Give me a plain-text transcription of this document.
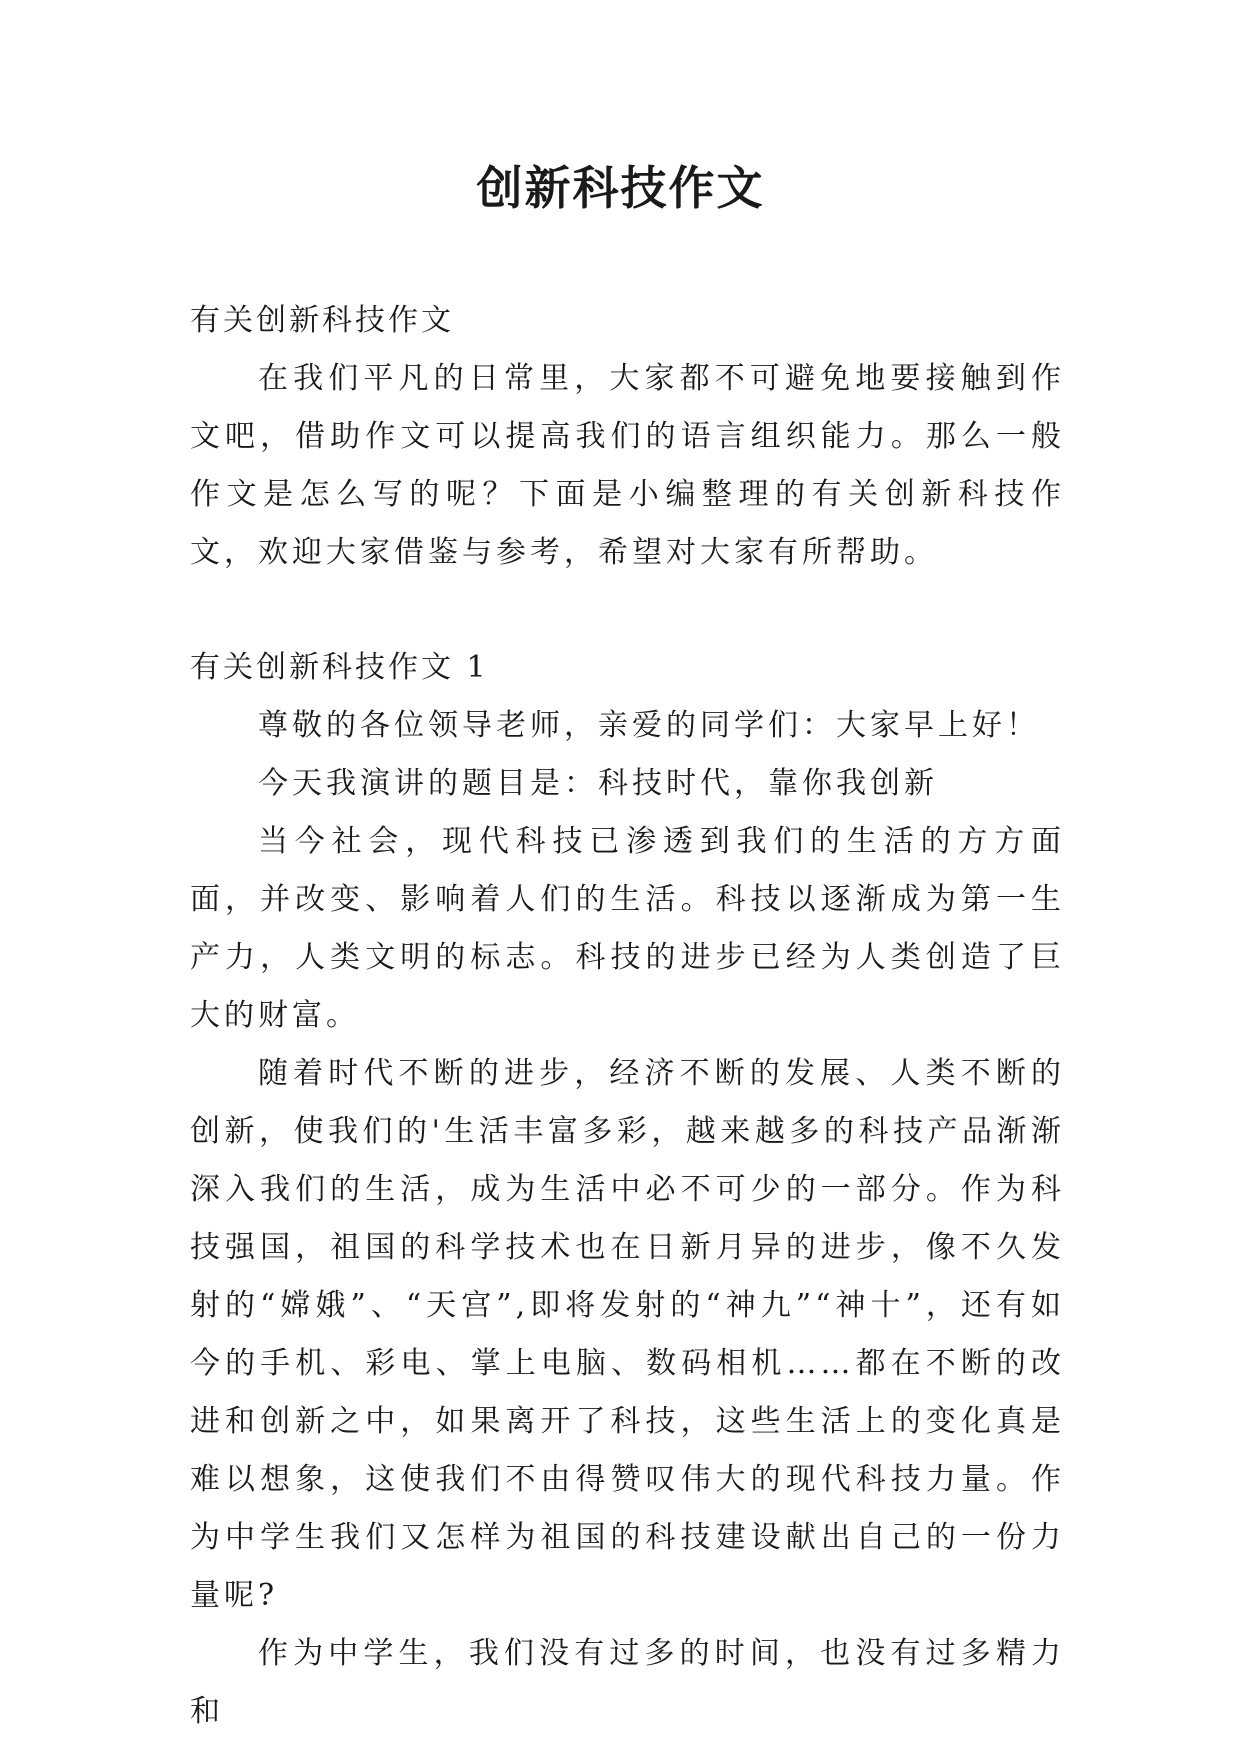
创新科技作文

有关创新科技作文

在我们平凡的日常里，大家都不可避免地要接触到作文吧，借助作文可以提高我们的语言组织能力。那么一般作文是怎么写的呢？下面是小编整理的有关创新科技作文，欢迎大家借鉴与参考，希望对大家有所帮助。

有关创新科技作文 1

尊敬的各位领导老师，亲爱的同学们：大家早上好！

今天我演讲的题目是：科技时代，靠你我创新

当今社会，现代科技已渗透到我们的生活的方方面面，并改变、影响着人们的生活。科技以逐渐成为第一生产力，人类文明的标志。科技的进步已经为人类创造了巨大的财富。

随着时代不断的进步，经济不断的发展、人类不断的创新，使我们的'生活丰富多彩，越来越多的科技产品渐渐深入我们的生活，成为生活中必不可少的一部分。作为科技强国，祖国的科学技术也在日新月异的进步，像不久发射的“嫦娥”、“天宫”,即将发射的“神九”“神十”，还有如今的手机、彩电、掌上电脑、数码相机……都在不断的改进和创新之中，如果离开了科技，这些生活上的变化真是难以想象，这使我们不由得赞叹伟大的现代科技力量。作为中学生我们又怎样为祖国的科技建设献出自己的一份力量呢?

作为中学生，我们没有过多的时间，也没有过多精力和
